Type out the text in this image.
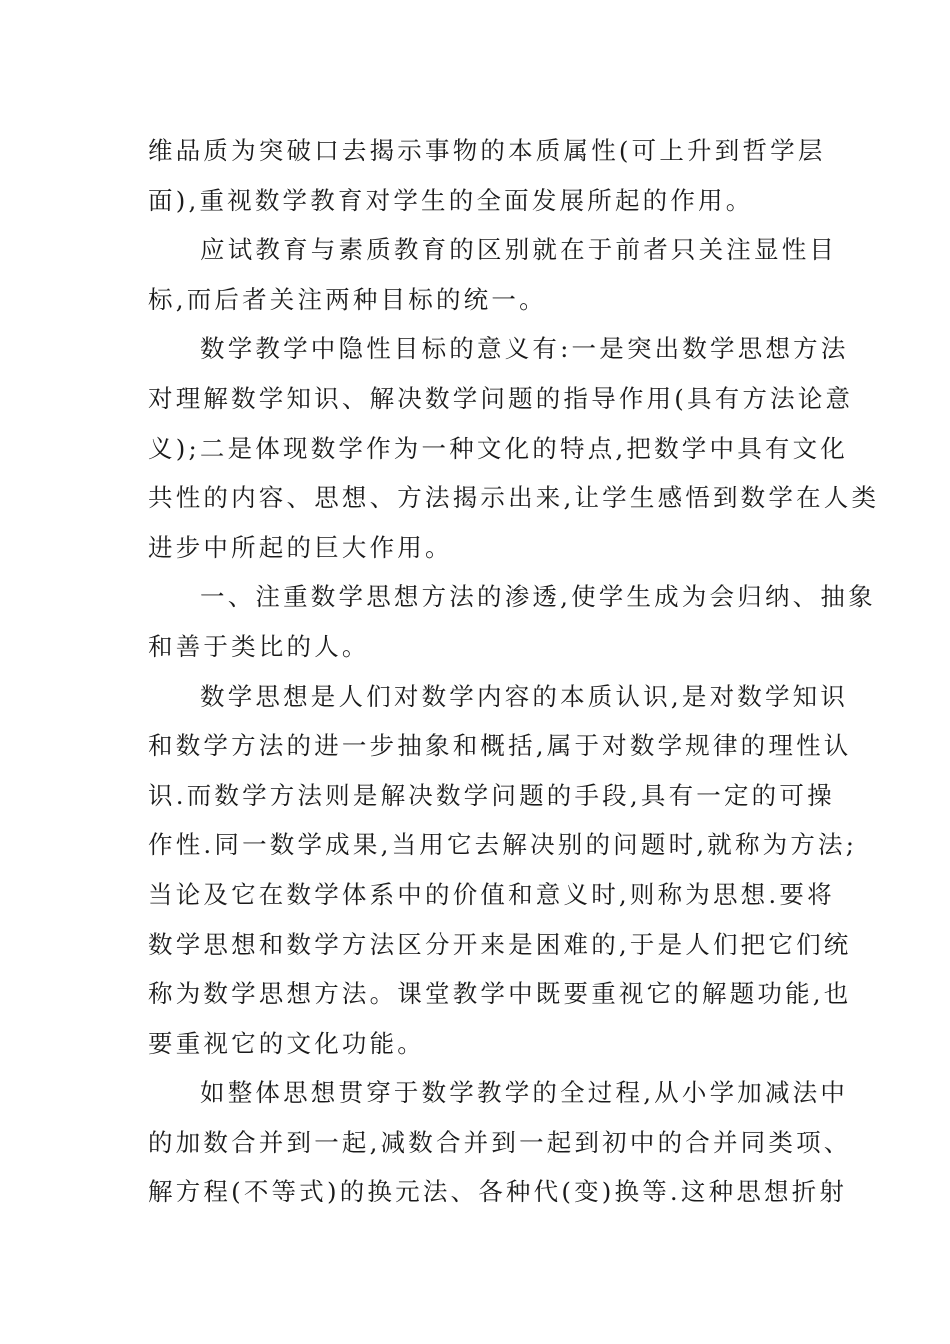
维品质为突破口去揭示事物的本质属性(可上升到哲学层
面),重视数学教育对学生的全面发展所起的作用。
应试教育与素质教育的区别就在于前者只关注显性目
标,而后者关注两种目标的统一。
数学教学中隐性目标的意义有:一是突出数学思想方法
对理解数学知识、解决数学问题的指导作用(具有方法论意
义);二是体现数学作为一种文化的特点,把数学中具有文化
共性的内容、思想、方法揭示出来,让学生感悟到数学在人类
进步中所起的巨大作用。
一、注重数学思想方法的渗透,使学生成为会归纳、抽象
和善于类比的人。
数学思想是人们对数学内容的本质认识,是对数学知识
和数学方法的进一步抽象和概括,属于对数学规律的理性认
识.而数学方法则是解决数学问题的手段,具有一定的可操
作性.同一数学成果,当用它去解决别的问题时,就称为方法;
当论及它在数学体系中的价值和意义时,则称为思想.要将
数学思想和数学方法区分开来是困难的,于是人们把它们统
称为数学思想方法。课堂教学中既要重视它的解题功能,也
要重视它的文化功能。
如整体思想贯穿于数学教学的全过程,从小学加减法中
的加数合并到一起,减数合并到一起到初中的合并同类项、
解方程(不等式)的换元法、各种代(变)换等.这种思想折射
